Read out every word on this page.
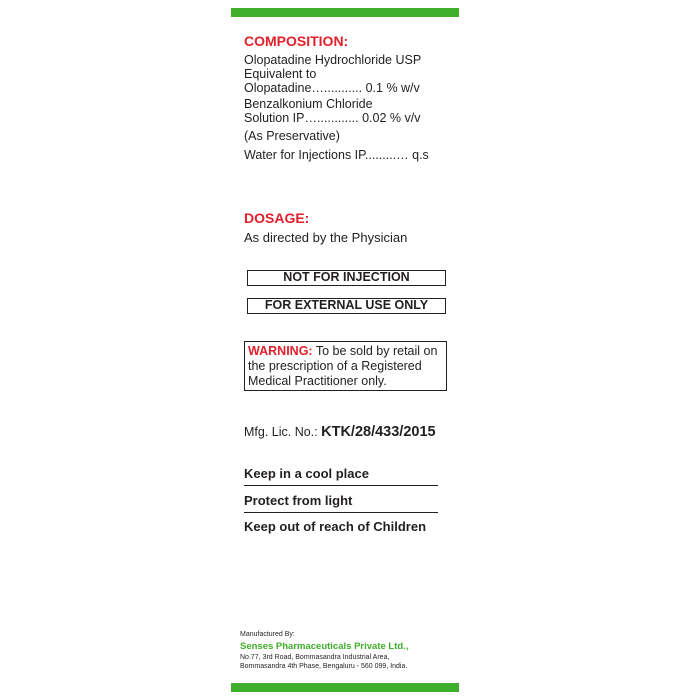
COMPOSITION:
Olopatadine Hydrochloride USP
Equivalent to
Olopatadine…........... 0.1 % w/v
Benzalkonium Chloride
Solution IP…............ 0.02 % v/v
(As Preservative)
Water for Injections IP.........… q.s
DOSAGE:
As directed by the Physician
NOT FOR INJECTION
FOR EXTERNAL USE ONLY
WARNING: To be sold by retail on the prescription of a Registered Medical Practitioner only.
Mfg. Lic. No.: KTK/28/433/2015
Keep in a cool place
Protect from light
Keep out of reach of Children
Manufactured By:
Senses Pharmaceuticals Private Ltd.,
No.77, 3rd Road, Bommasandra Industrial Area,
Bommasandra 4th Phase, Bengaluru - 560 099, India.
